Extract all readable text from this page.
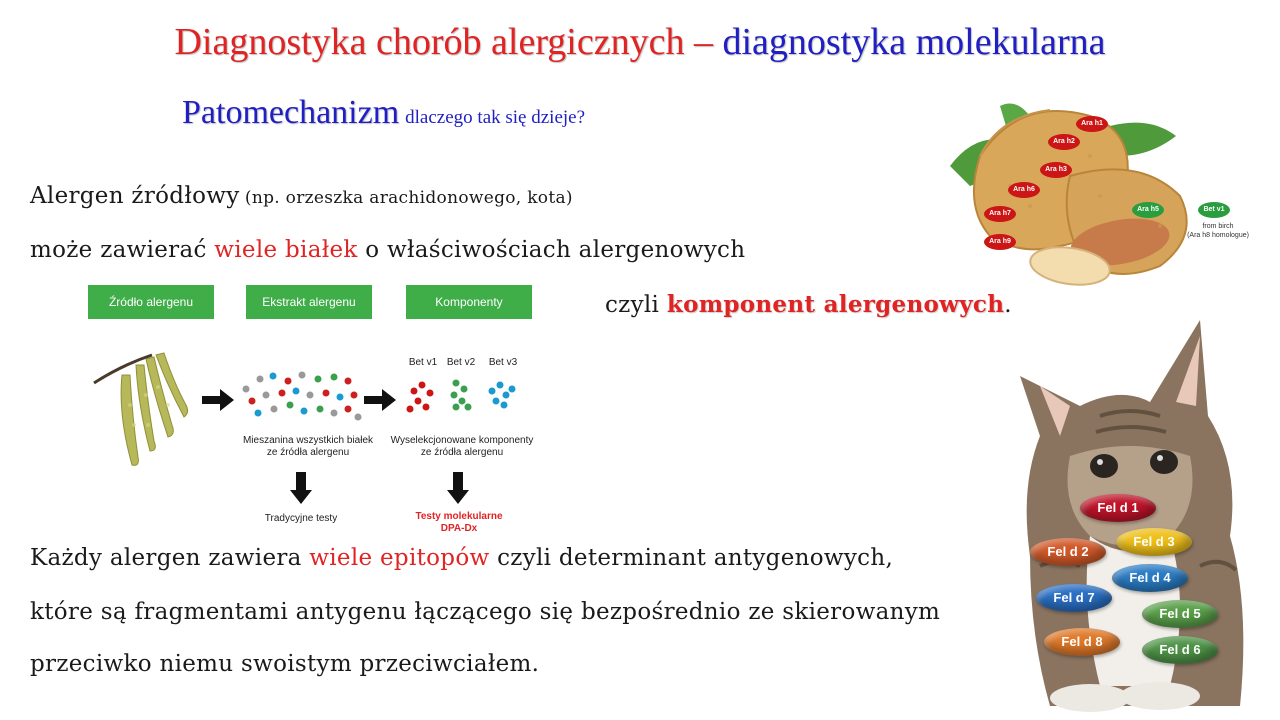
Diagnostyka chorób alergicznych – diagnostyka molekularna
Patomechanizm dlaczego tak się dzieje?
Alergen źródłowy (np. orzeszka arachidonowego, kota)
może zawierać wiele białek o właściwościach alergenowych
czyli komponent alergenowych.
Źródło alergenu	Ekstrakt alergenu	Komponenty
Bet v1 Bet v2 Bet v3
Mieszanina wszystkich białek
ze źródła alergenu
Wyselekcjonowane komponenty
ze źródła alergenu
Tradycyjne testy	Testy molekularne
DPA-Dx
Ara h1
Ara h2
Ara h3
Ara h6
Ara h7
Ara h9
Ara h5	Bet v1
from birch
(Ara h8 homologue)
Fel d 1
Fel d 2
Fel d 3
Fel d 4
Fel d 7
Fel d 5
Fel d 8
Fel d 6
Każdy alergen zawiera wiele epitopów czyli determinant antygenowych,
które są fragmentami antygenu łączącego się bezpośrednio ze skierowanym
przeciwko niemu swoistym przeciwciałem.
